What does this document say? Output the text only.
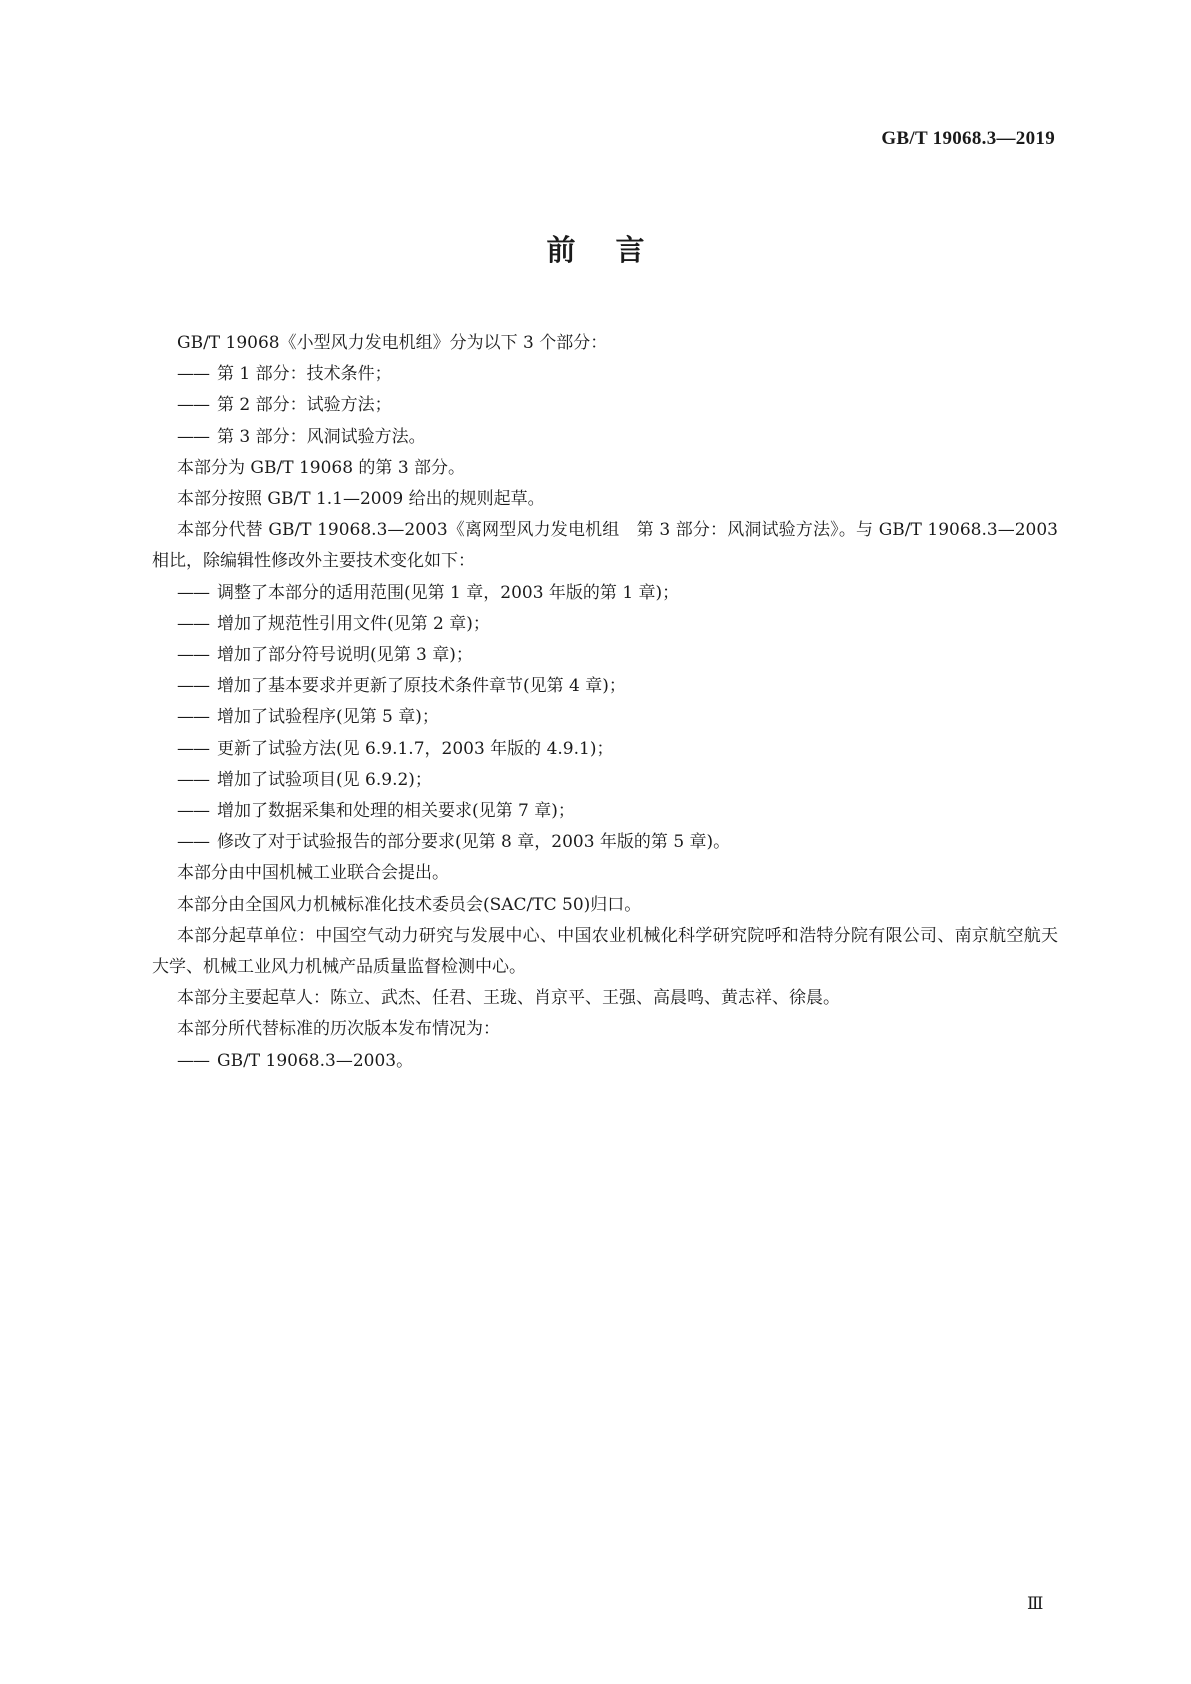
GB/T 19068.3—2019
前言

GB/T 19068《小型风力发电机组》分为以下 3 个部分：

—— 第 1 部分：技术条件；
—— 第 2 部分：试验方法；
—— 第 3 部分：风洞试验方法。

本部分为 GB/T 19068 的第 3 部分。

本部分按照 GB/T 1.1—2009 给出的规则起草。

本部分代替 GB/T 19068.3—2003《离网型风力发电机组　第 3 部分：风洞试验方法》。与 GB/T 19068.3—2003 相比，除编辑性修改外主要技术变化如下：

—— 调整了本部分的适用范围(见第 1 章，2003 年版的第 1 章)；
—— 增加了规范性引用文件(见第 2 章)；
—— 增加了部分符号说明(见第 3 章)；
—— 增加了基本要求并更新了原技术条件章节(见第 4 章)；
—— 增加了试验程序(见第 5 章)；
—— 更新了试验方法(见 6.9.1.7，2003 年版的 4.9.1)；
—— 增加了试验项目(见 6.9.2)；
—— 增加了数据采集和处理的相关要求(见第 7 章)；
—— 修改了对于试验报告的部分要求(见第 8 章，2003 年版的第 5 章)。

本部分由中国机械工业联合会提出。

本部分由全国风力机械标准化技术委员会(SAC/TC 50)归口。

本部分起草单位：中国空气动力研究与发展中心、中国农业机械化科学研究院呼和浩特分院有限公司、南京航空航天大学、机械工业风力机械产品质量监督检测中心。

本部分主要起草人：陈立、武杰、任君、王珑、肖京平、王强、高晨鸣、黄志祥、徐晨。

本部分所代替标准的历次版本发布情况为：

—— GB/T 19068.3—2003。
Ⅲ
